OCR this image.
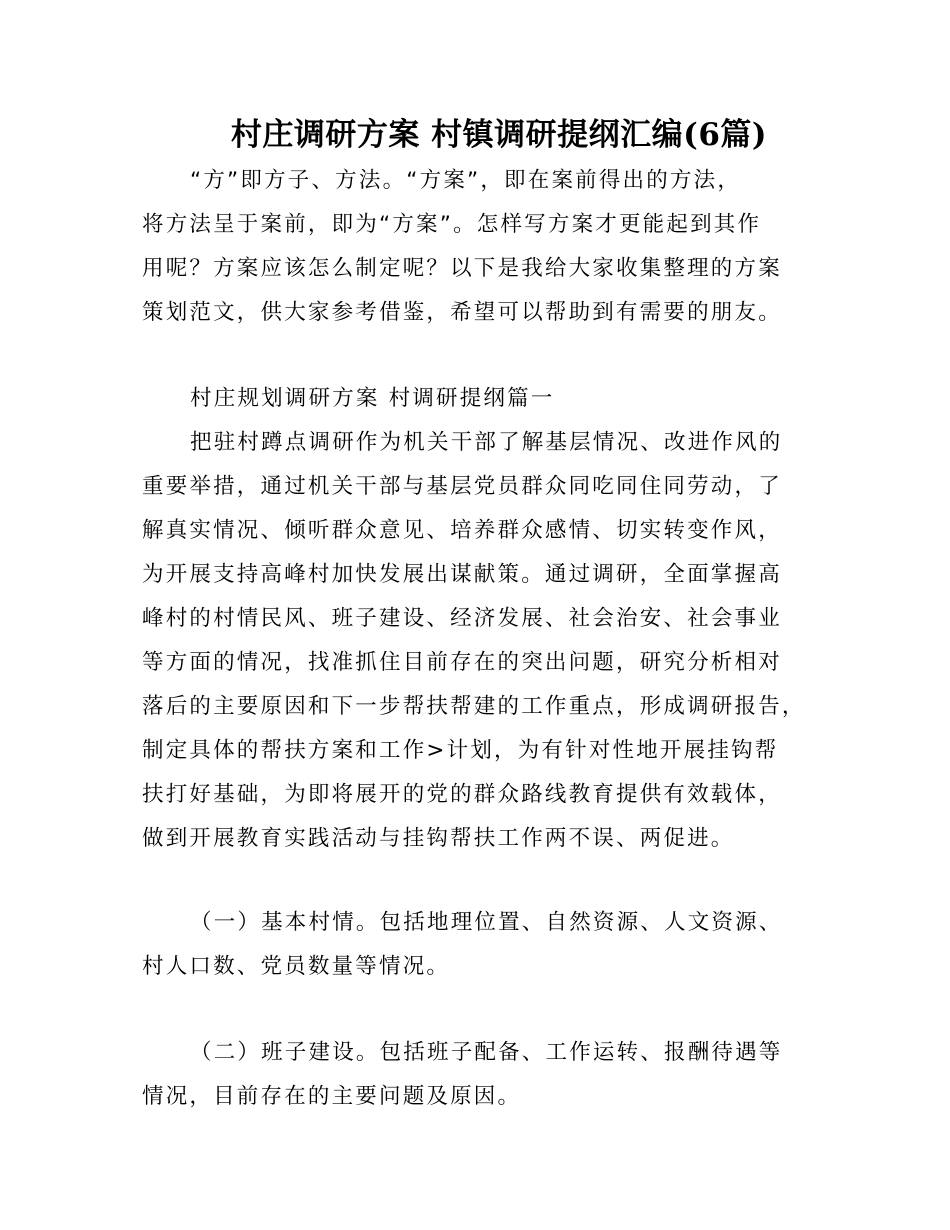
村庄调研方案 村镇调研提纲汇编(6篇)
“方”即方子、方法。“方案”，即在案前得出的方法，
将方法呈于案前，即为“方案”。怎样写方案才更能起到其作
用呢？方案应该怎么制定呢？以下是我给大家收集整理的方案
策划范文，供大家参考借鉴，希望可以帮助到有需要的朋友。
村庄规划调研方案 村调研提纲篇一
把驻村蹲点调研作为机关干部了解基层情况、改进作风的
重要举措，通过机关干部与基层党员群众同吃同住同劳动，了
解真实情况、倾听群众意见、培养群众感情、切实转变作风，
为开展支持高峰村加快发展出谋献策。通过调研，全面掌握高
峰村的村情民风、班子建设、经济发展、社会治安、社会事业
等方面的情况，找准抓住目前存在的突出问题，研究分析相对
落后的主要原因和下一步帮扶帮建的工作重点，形成调研报告，
制定具体的帮扶方案和工作>计划，为有针对性地开展挂钩帮
扶打好基础，为即将展开的党的群众路线教育提供有效载体，
做到开展教育实践活动与挂钩帮扶工作两不误、两促进。
（一）基本村情。包括地理位置、自然资源、人文资源、
村人口数、党员数量等情况。
（二）班子建设。包括班子配备、工作运转、报酬待遇等
情况，目前存在的主要问题及原因。
